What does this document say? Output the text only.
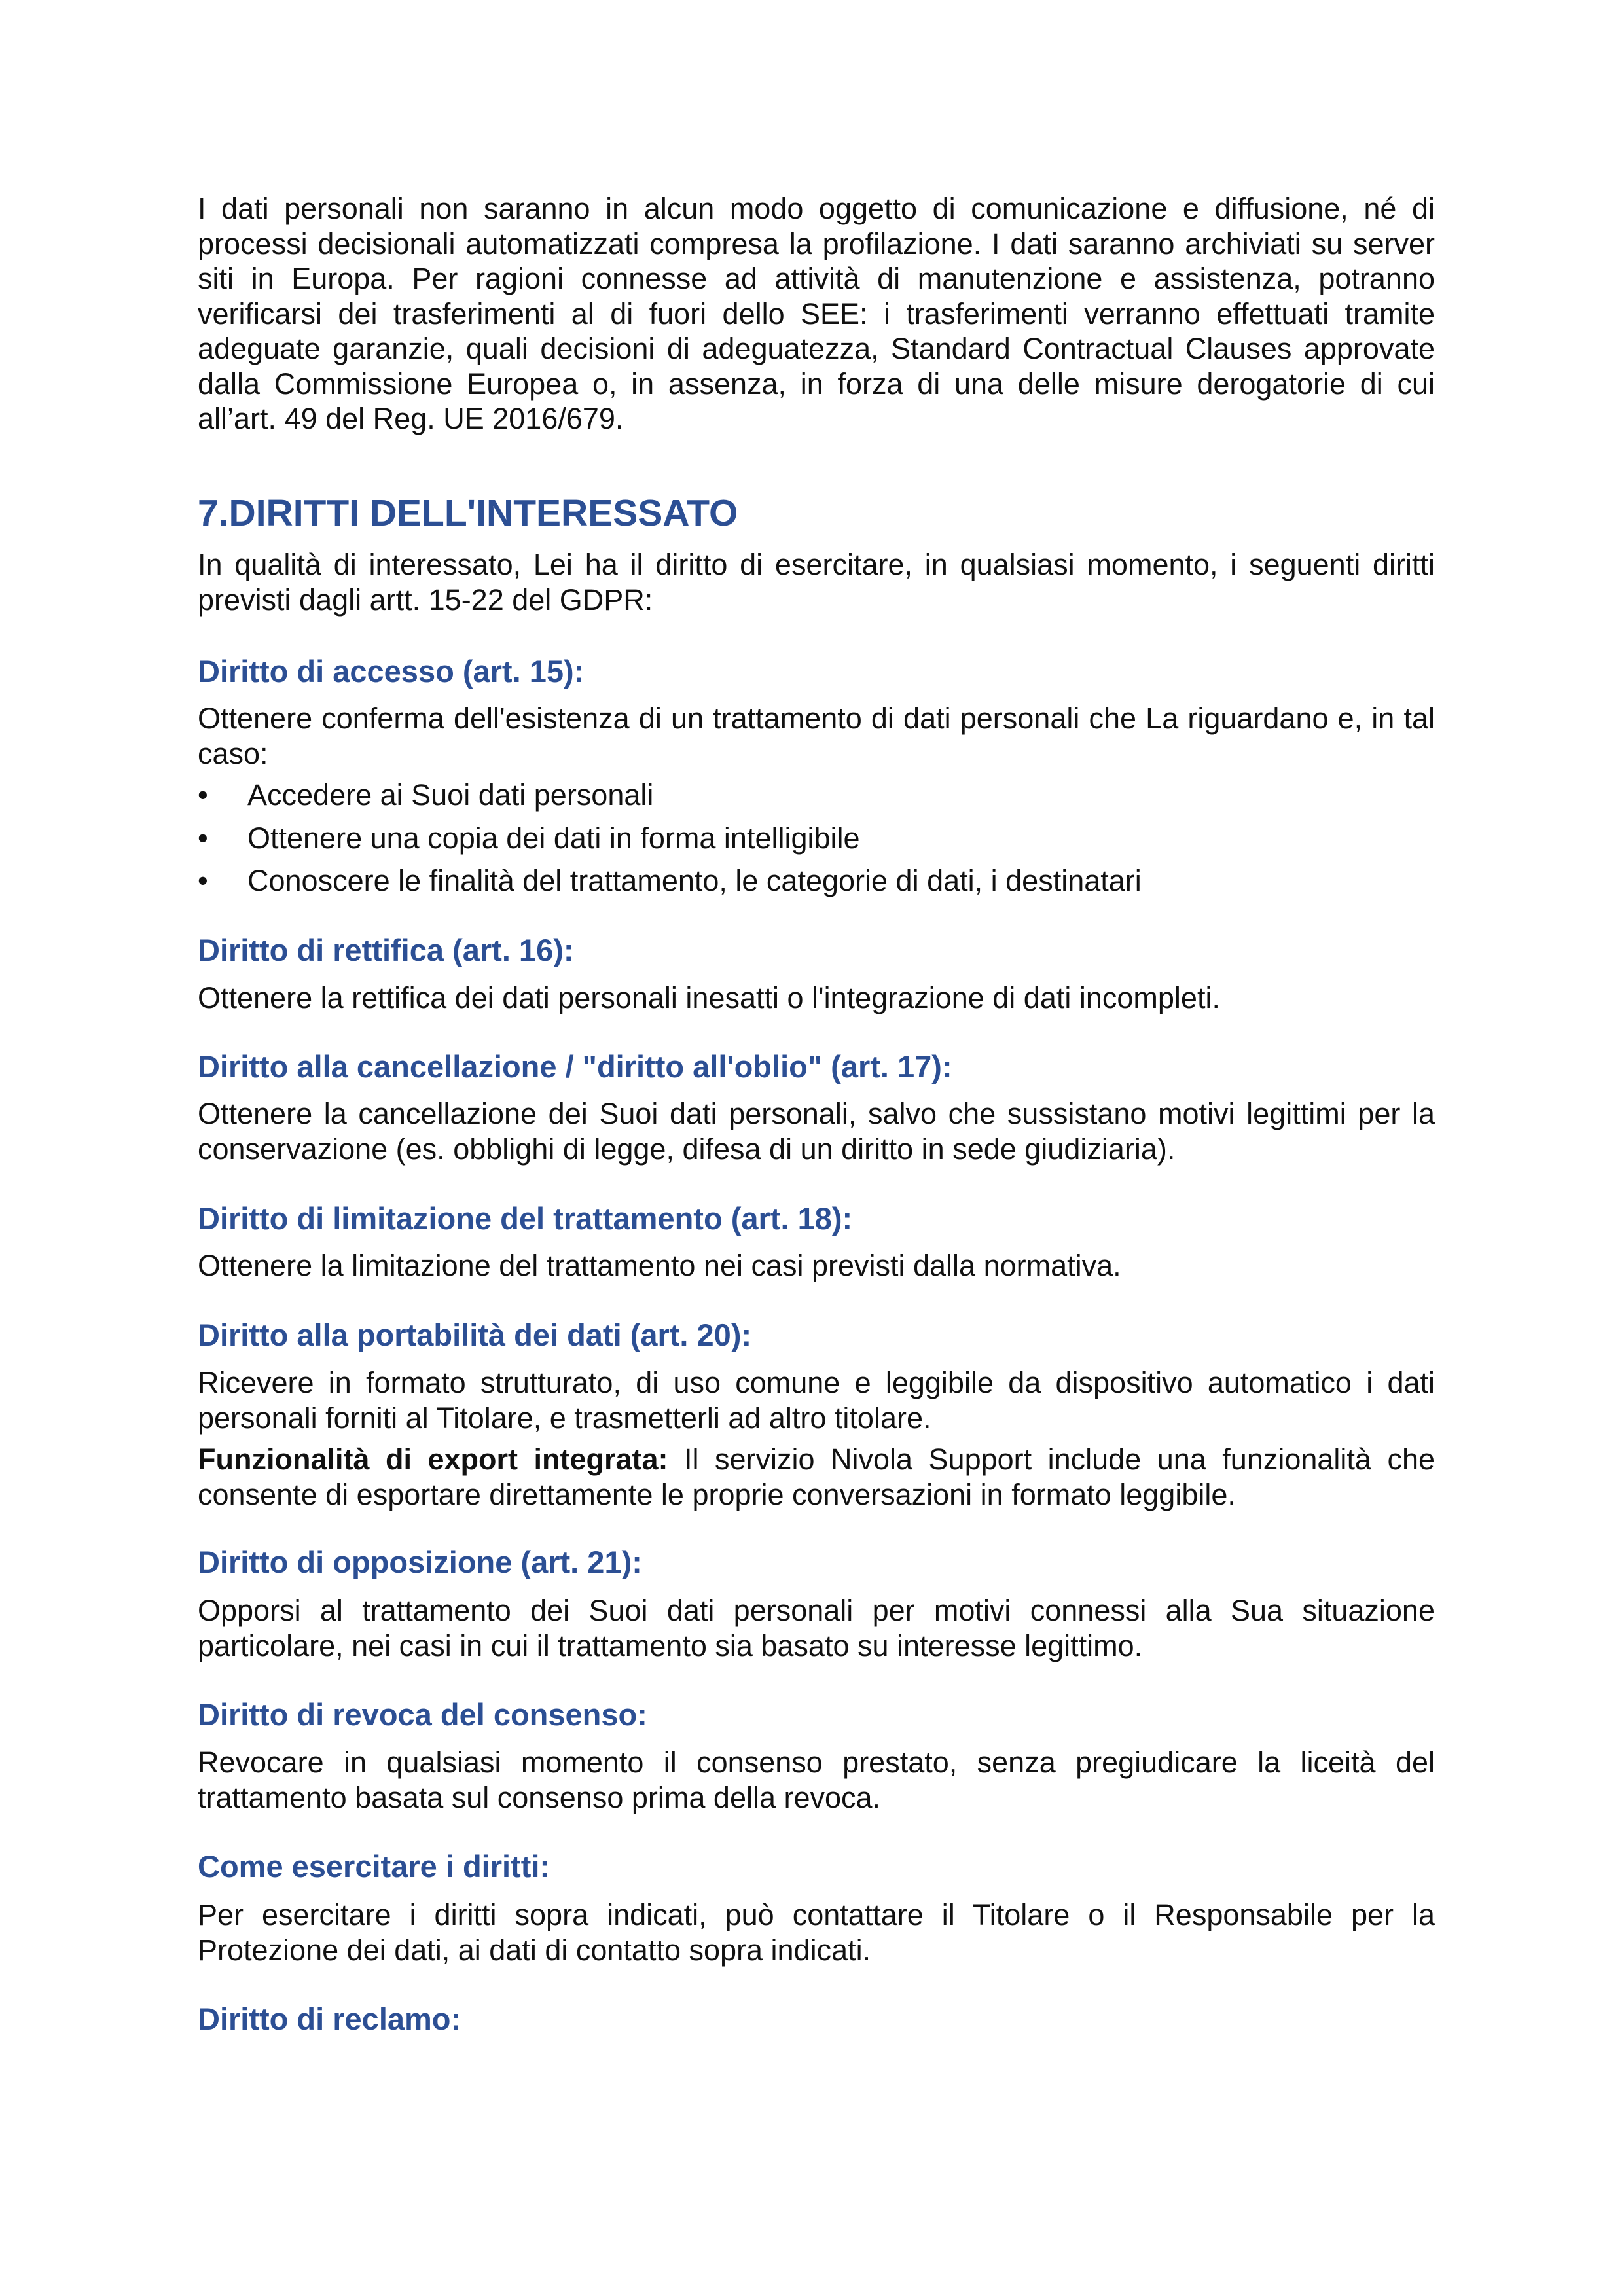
I dati personali non saranno in alcun modo oggetto di comunicazione e diffusione, né di processi decisionali automatizzati compresa la profilazione. I dati saranno archiviati su server siti in Europa. Per ragioni connesse ad attività di manutenzione e assistenza, potranno verificarsi dei trasferimenti al di fuori dello SEE: i trasferimenti verranno effettuati tramite adeguate garanzie, quali decisioni di adeguatezza, Standard Contractual Clauses approvate dalla Commissione Europea o, in assenza, in forza di una delle misure derogatorie di cui all’art. 49 del Reg. UE 2016/679.

7.DIRITTI DELL'INTERESSATO

In qualità di interessato, Lei ha il diritto di esercitare, in qualsiasi momento, i seguenti diritti previsti dagli artt. 15-22 del GDPR:

Diritto di accesso (art. 15):

Ottenere conferma dell'esistenza di un trattamento di dati personali che La riguardano e, in tal caso:

• Accedere ai Suoi dati personali

• Ottenere una copia dei dati in forma intelligibile

• Conoscere le finalità del trattamento, le categorie di dati, i destinatari

Diritto di rettifica (art. 16):

Ottenere la rettifica dei dati personali inesatti o l'integrazione di dati incompleti.

Diritto alla cancellazione / "diritto all'oblio" (art. 17):

Ottenere la cancellazione dei Suoi dati personali, salvo che sussistano motivi legittimi per la conservazione (es. obblighi di legge, difesa di un diritto in sede giudiziaria).

Diritto di limitazione del trattamento (art. 18):

Ottenere la limitazione del trattamento nei casi previsti dalla normativa.

Diritto alla portabilità dei dati (art. 20):

Ricevere in formato strutturato, di uso comune e leggibile da dispositivo automatico i dati personali forniti al Titolare, e trasmetterli ad altro titolare.

Funzionalità di export integrata: Il servizio Nivola Support include una funzionalità che consente di esportare direttamente le proprie conversazioni in formato leggibile.

Diritto di opposizione (art. 21):

Opporsi al trattamento dei Suoi dati personali per motivi connessi alla Sua situazione particolare, nei casi in cui il trattamento sia basato su interesse legittimo.

Diritto di revoca del consenso:

Revocare in qualsiasi momento il consenso prestato, senza pregiudicare la liceità del trattamento basata sul consenso prima della revoca.

Come esercitare i diritti:

Per esercitare i diritti sopra indicati, può contattare il Titolare o il Responsabile per la Protezione dei dati, ai dati di contatto sopra indicati.

Diritto di reclamo:
